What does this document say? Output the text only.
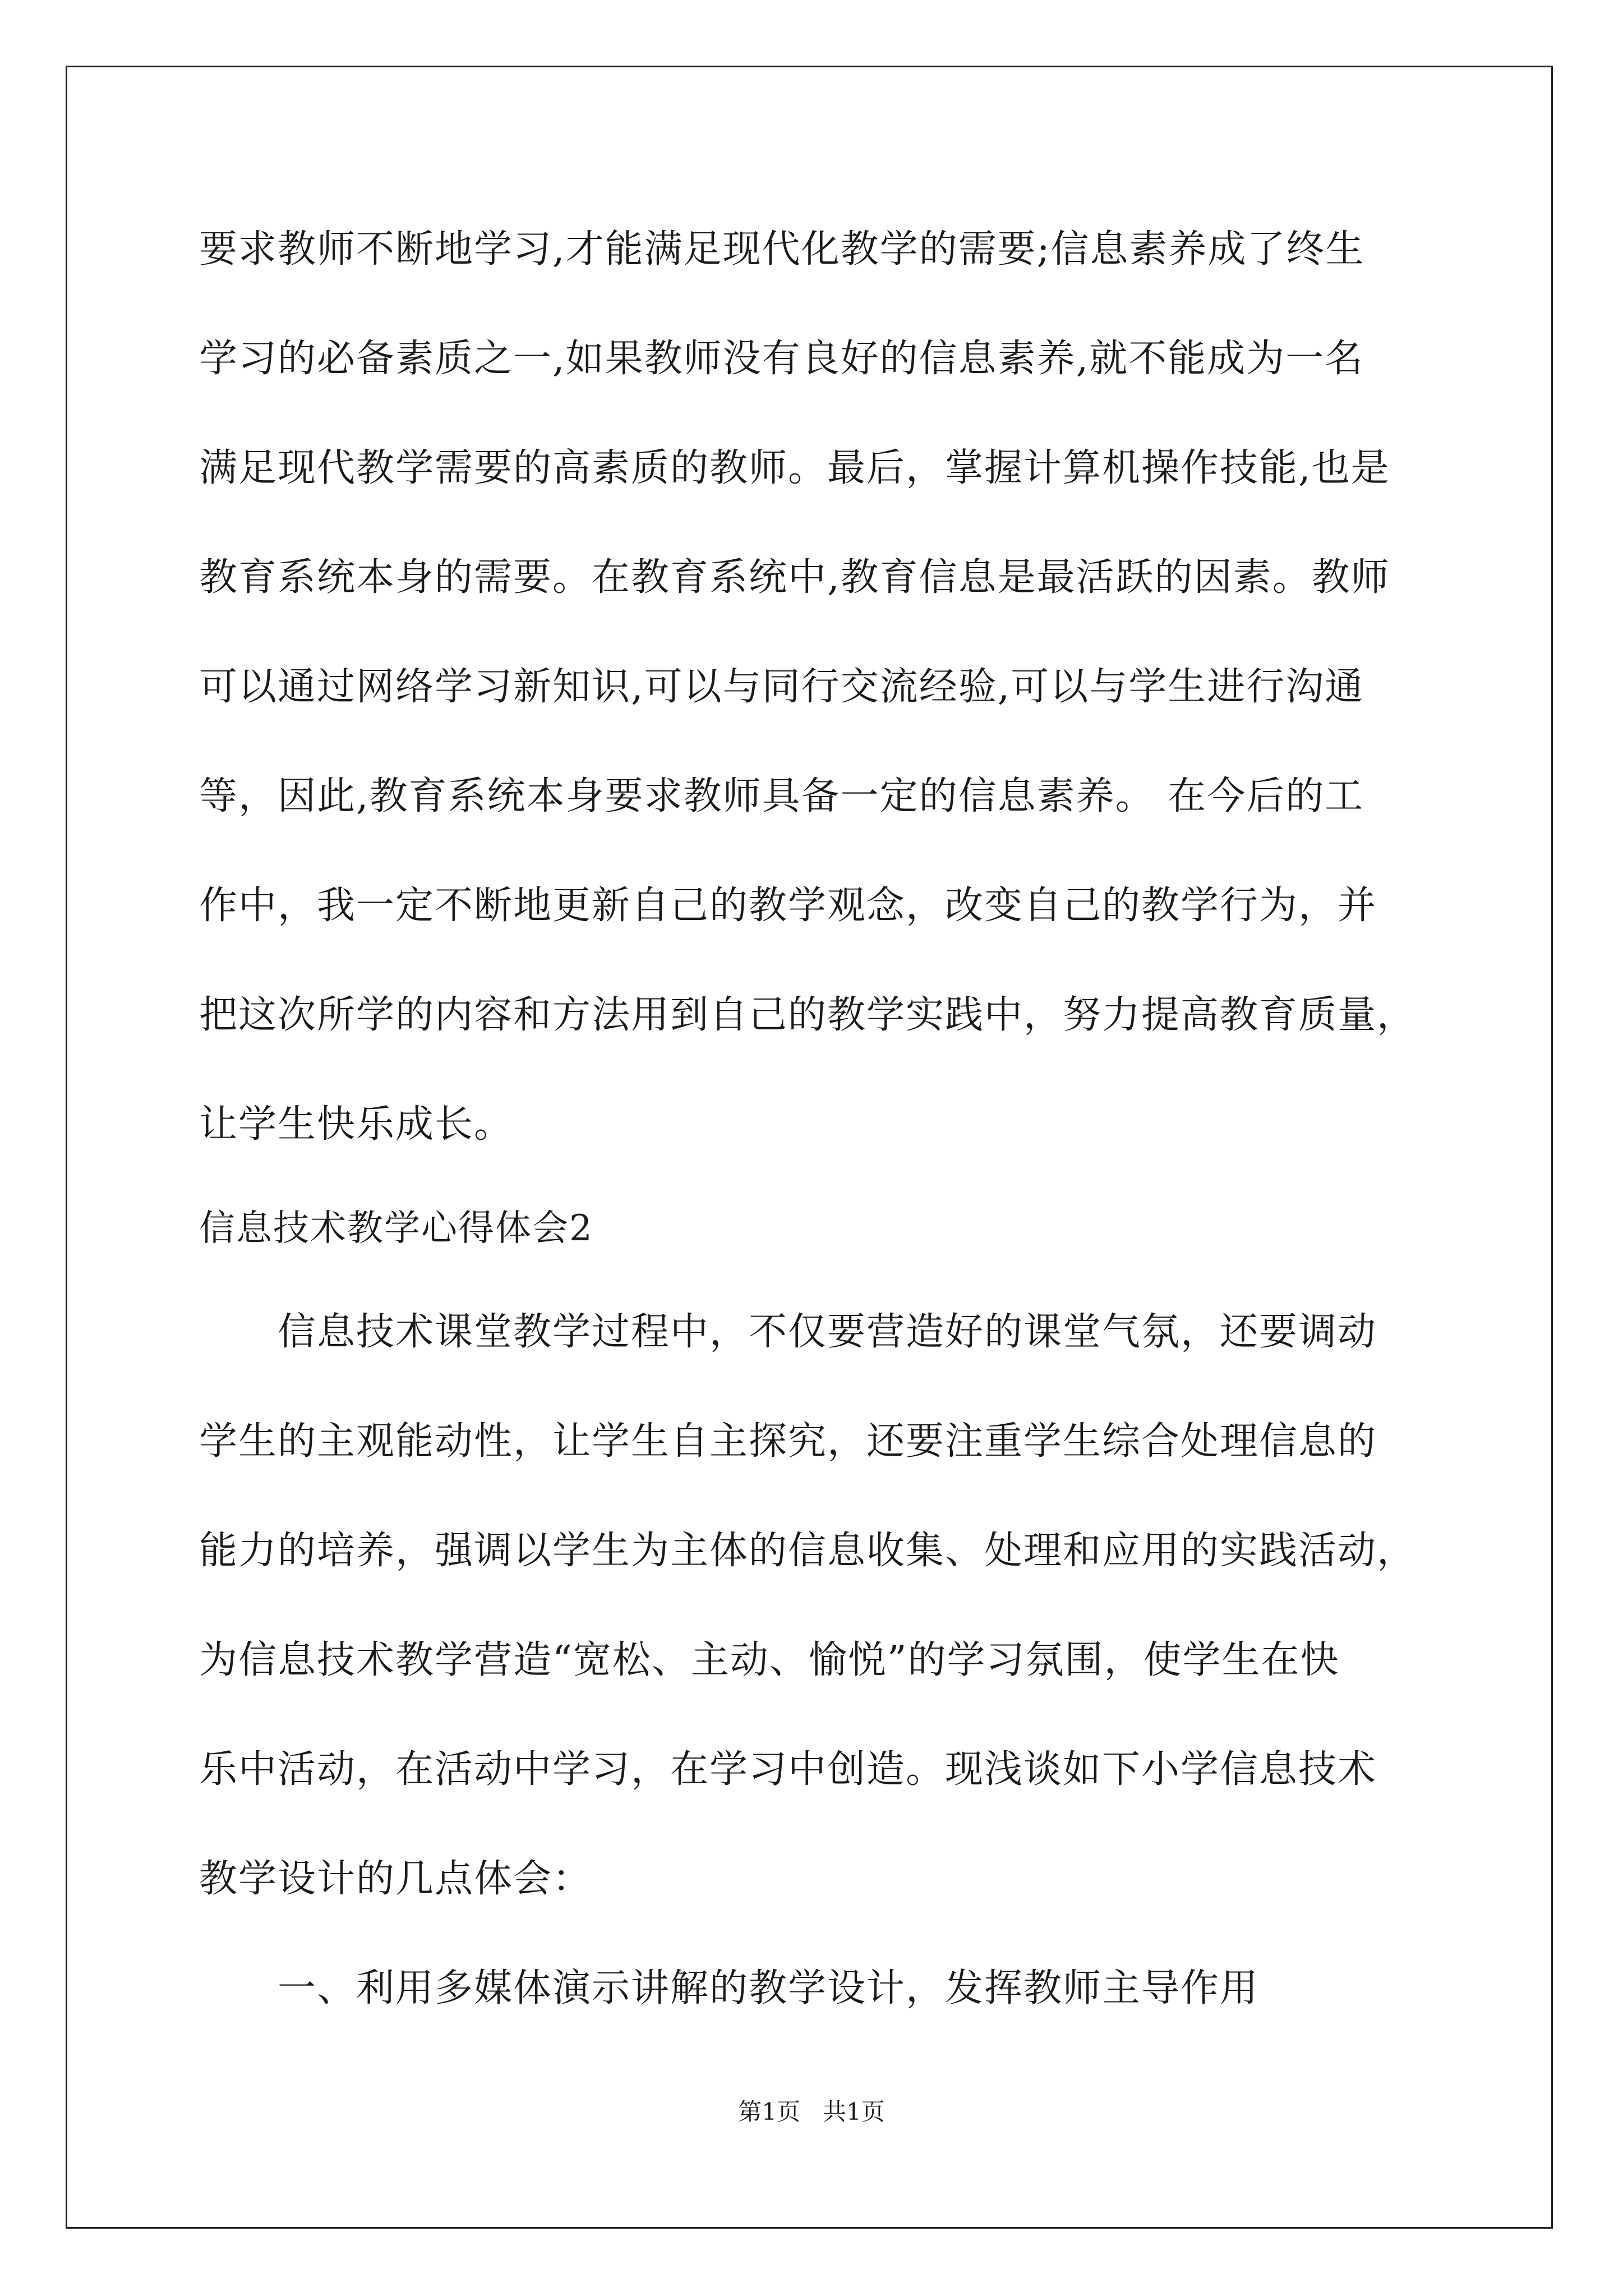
要求教师不断地学习,才能满足现代化教学的需要;信息素养成了终生
学习的必备素质之一,如果教师没有良好的信息素养,就不能成为一名
满足现代教学需要的高素质的教师。最后，掌握计算机操作技能,也是
教育系统本身的需要。在教育系统中,教育信息是最活跃的因素。教师
可以通过网络学习新知识,可以与同行交流经验,可以与学生进行沟通
等，因此,教育系统本身要求教师具备一定的信息素养。 在今后的工
作中，我一定不断地更新自己的教学观念，改变自己的教学行为，并
把这次所学的内容和方法用到自己的教学实践中，努力提高教育质量，
让学生快乐成长。
信息技术教学心得体会2
信息技术课堂教学过程中，不仅要营造好的课堂气氛，还要调动
学生的主观能动性，让学生自主探究，还要注重学生综合处理信息的
能力的培养，强调以学生为主体的信息收集、处理和应用的实践活动，
为信息技术教学营造“宽松、主动、愉悦”的学习氛围，使学生在快
乐中活动，在活动中学习，在学习中创造。现浅谈如下小学信息技术
教学设计的几点体会：
一、利用多媒体演示讲解的教学设计，发挥教师主导作用
第1页   共1页
